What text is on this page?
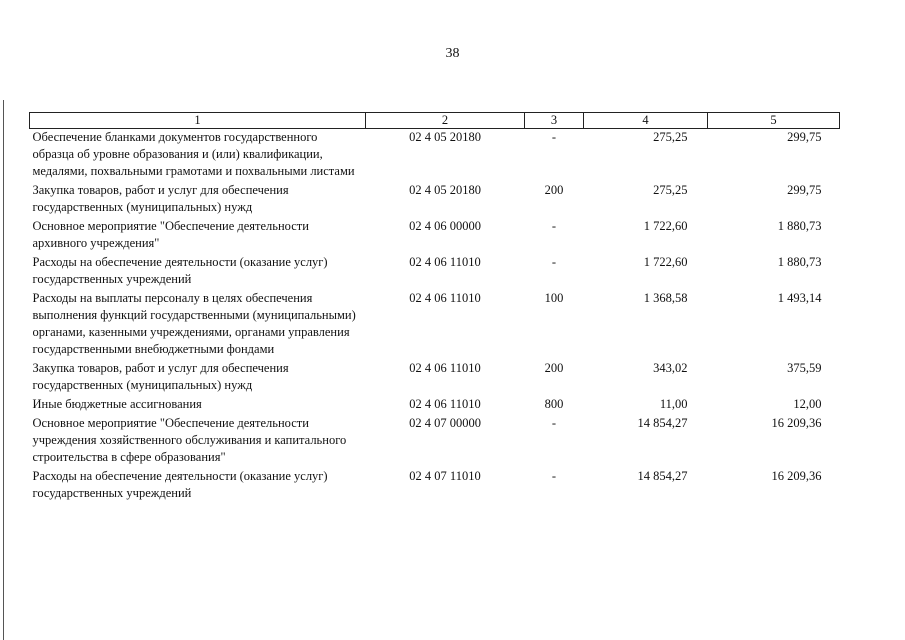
38
1	2	3	4	5
Обеспечение бланками документов государственного образца об уровне образования и (или) квалификации, медалями, похвальными грамотами и похвальными листами	02 4 05 20180	-	275,25	299,75
Закупка товаров, работ и услуг для обеспечения государственных (муниципальных) нужд	02 4 05 20180	200	275,25	299,75
Основное мероприятие "Обеспечение деятельности архивного учреждения"	02 4 06 00000	-	1 722,60	1 880,73
Расходы на обеспечение деятельности (оказание услуг) государственных учреждений	02 4 06 11010	-	1 722,60	1 880,73
Расходы на выплаты персоналу в целях обеспечения выполнения функций государственными (муниципальными) органами, казенными учреждениями, органами управления государственными внебюджетными фондами	02 4 06 11010	100	1 368,58	1 493,14
Закупка товаров, работ и услуг для обеспечения государственных (муниципальных) нужд	02 4 06 11010	200	343,02	375,59
Иные бюджетные ассигнования	02 4 06 11010	800	11,00	12,00
Основное мероприятие "Обеспечение деятельности учреждения хозяйственного обслуживания и капитального строительства в сфере образования"	02 4 07 00000	-	14 854,27	16 209,36
Расходы на обеспечение деятельности (оказание услуг) государственных учреждений	02 4 07 11010	-	14 854,27	16 209,36
